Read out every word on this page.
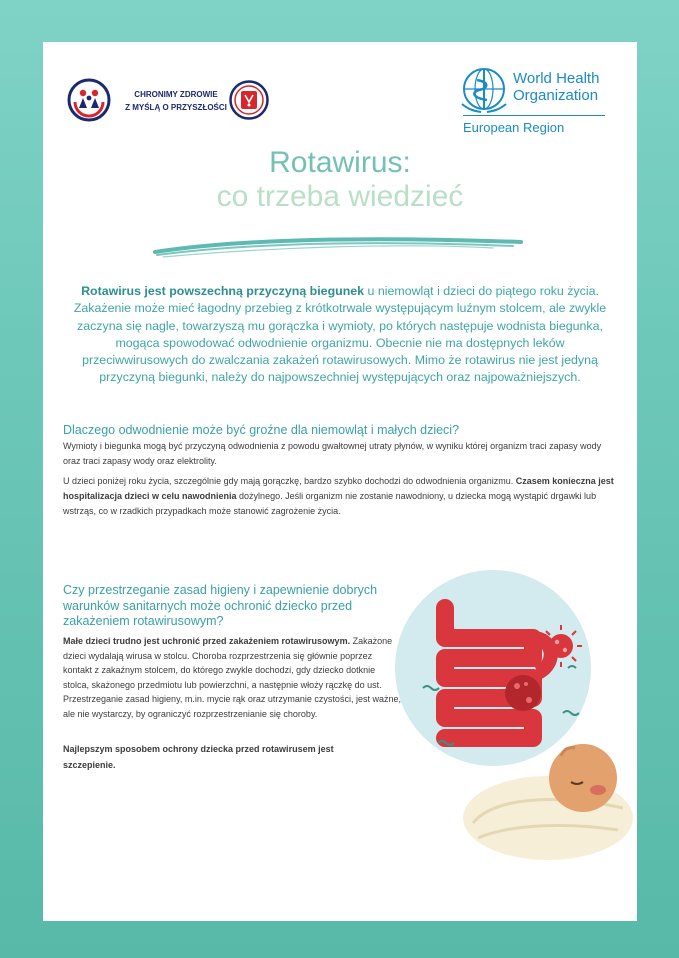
CHRONIMY ZDROWIE
Z MYŚLĄ O PRZYSZŁOŚCI
World Health
Organization
European Region
Rotawirus:
co trzeba wiedzieć
Rotawirus jest powszechną przyczyną biegunek u niemowląt i dzieci do piątego roku życia. Zakażenie może mieć łagodny przebieg z krótkotrwale występującym luźnym stolcem, ale zwykle zaczyna się nagle, towarzyszą mu gorączka i wymioty, po których następuje wodnista biegunka, mogąca spowodować odwodnienie organizmu. Obecnie nie ma dostępnych leków przeciwwirusowych do zwalczania zakażeń rotawirusowych. Mimo że rotawirus nie jest jedyną przyczyną biegunki, należy do najpowszechniej występujących oraz najpoważniejszych.
Dlaczego odwodnienie może być groźne dla niemowląt i małych dzieci?
Wymioty i biegunka mogą być przyczyną odwodnienia z powodu gwałtownej utraty płynów, w wyniku której organizm traci zapasy wody oraz traci zapasy wody oraz elektrolity.
U dzieci poniżej roku życia, szczególnie gdy mają gorączkę, bardzo szybko dochodzi do odwodnienia organizmu. Czasem konieczna jest hospitalizacja dzieci w celu nawodnienia dożylnego. Jeśli organizm nie zostanie nawodniony, u dziecka mogą wystąpić drgawki lub wstrząs, co w rzadkich przypadkach może stanowić zagrożenie życia.
Czy przestrzeganie zasad higieny i zapewnienie dobrych warunków sanitarnych może ochronić dziecko przed zakażeniem rotawirusowym?
Małe dzieci trudno jest uchronić przed zakażeniem rotawirusowym. Zakażone dzieci wydalają wirusa w stolcu. Choroba rozprzestrzenia się głównie poprzez kontakt z zakaźnym stolcem, do którego zwykle dochodzi, gdy dziecko dotknie stolca, skażonego przedmiotu lub powierzchni, a następnie włoży rączkę do ust. Przestrzeganie zasad higieny, m.in. mycie rąk oraz utrzymanie czystości, jest ważne, ale nie wystarczy, by ograniczyć rozprzestrzenianie się choroby.
Najlepszym sposobem ochrony dziecka przed rotawirusem jest szczepienie.
